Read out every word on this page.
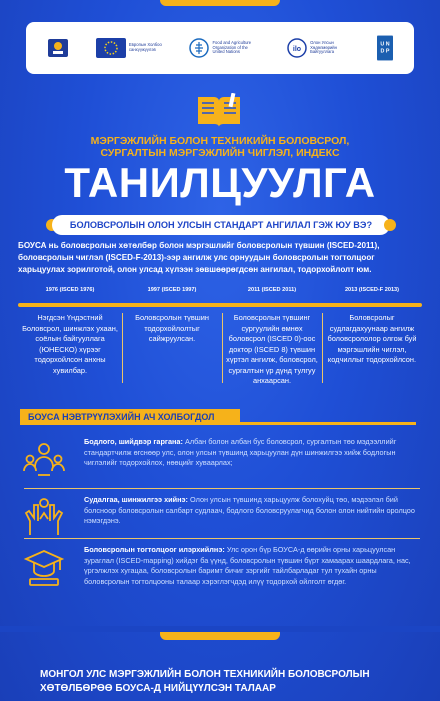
Европын Холбоо санхүүжүүлэв
Food and Agriculture Organization of the United Nations	ilo
Олон Улсын Хөдөлмөрийн Байгууллага
U N
D P
МЭРГЭЖЛИЙН БОЛОН ТЕХНИКИЙН БОЛОВСРОЛ,
СУРГАЛТЫН МЭРГЭЖЛИЙН ЧИГЛЭЛ, ИНДЕКС
ТАНИЛЦУУЛГА
БОЛОВСРОЛЫН ОЛОН УЛСЫН СТАНДАРТ АНГИЛАЛ ГЭЖ ЮУ ВЭ?
БОУСА нь боловсролын хөтөлбөр болон мэргэшлийг боловсролын түвшин (ISCED-2011), боловсролын чиглэл (ISCED-F-2013)-ээр ангилж улс орнуудын боловсролын тогтолцоог харьцуулах зорилготой, олон улсад хүлээн зөвшөөрөгдсөн ангилал, тодорхойлолт юм.
1976 (ISCED 1976)	1997 (ISCED 1997)	2011 (ISCED 2011)	2013 (ISCED-F 2013)
Нэгдсэн Үндэстний Боловсрол, шинжлэх ухаан, соёлын байгууллага (ЮНЕСКО) хүрээг тодорхойлсон анхны хувилбар.
Боловсролын түвшин тодорхойлолтыг сайжруулсан.
Боловсролын түвшинг сургуулийн өмнөх боловсрол (ISCED 0)-оос доктор (ISCED 8) түвшин хүртэл ангилж, боловсрол, сургалтын үр дүнд тулгуу анхаарсан.
Боловсролыг судлагдахуунаар ангилж боловсрололор олгож буй мэргэшлийн чиглэл, кодчиллыг тодорхойлсон.
БОУСА НЭВТРҮҮЛЭХИЙН АЧ ХОЛБОГДОЛ
Бодлого, шийдвэр гаргана: Албан болон албан бус боловсрол, сургалтын төо мэдээллийг стандартчилж өгснөөр улс, олон улсын түвшинд харьцуулан дүн шинжилгээ хийж бодлогын чиглэлийг тодорхойлох, нөөцийг хуваарлах;
Судалгаа, шинжилгээ хийнэ: Олон улсын түвшинд харьцуулж болохуйц төо, мэдээлэл бий болсноор боловсролын салбарт судлаач, бодлого боловсруулагчид болон олон нийтийн оролцоо нэмэгдэнэ.
Боловсролын тогтолцоог илэрхийлнэ: Улс орон бүр БОУСА-д өөрийн орны харьцуулсан зураглал (ISCED-mapping) хийдэг ба үүнд, боловсролын түвшин бүрт хамаарах шаардлага, нас, үргэлжлэх хугацаа, боловсролын баримт бичиг зэргийг тайлбарладаг тул тухайн орны боловсролын тогтолцооны талаар хэрэглэгчдэд илүү тодорхой ойлголт өгдөг.
МОНГОЛ УЛС МЭРГЭЖЛИЙН БОЛОН ТЕХНИКИЙН БОЛОВСРОЛЫН ХӨТӨЛБӨРӨӨ БОУСА-Д НИЙЦҮҮЛСЭН ТАЛААР
